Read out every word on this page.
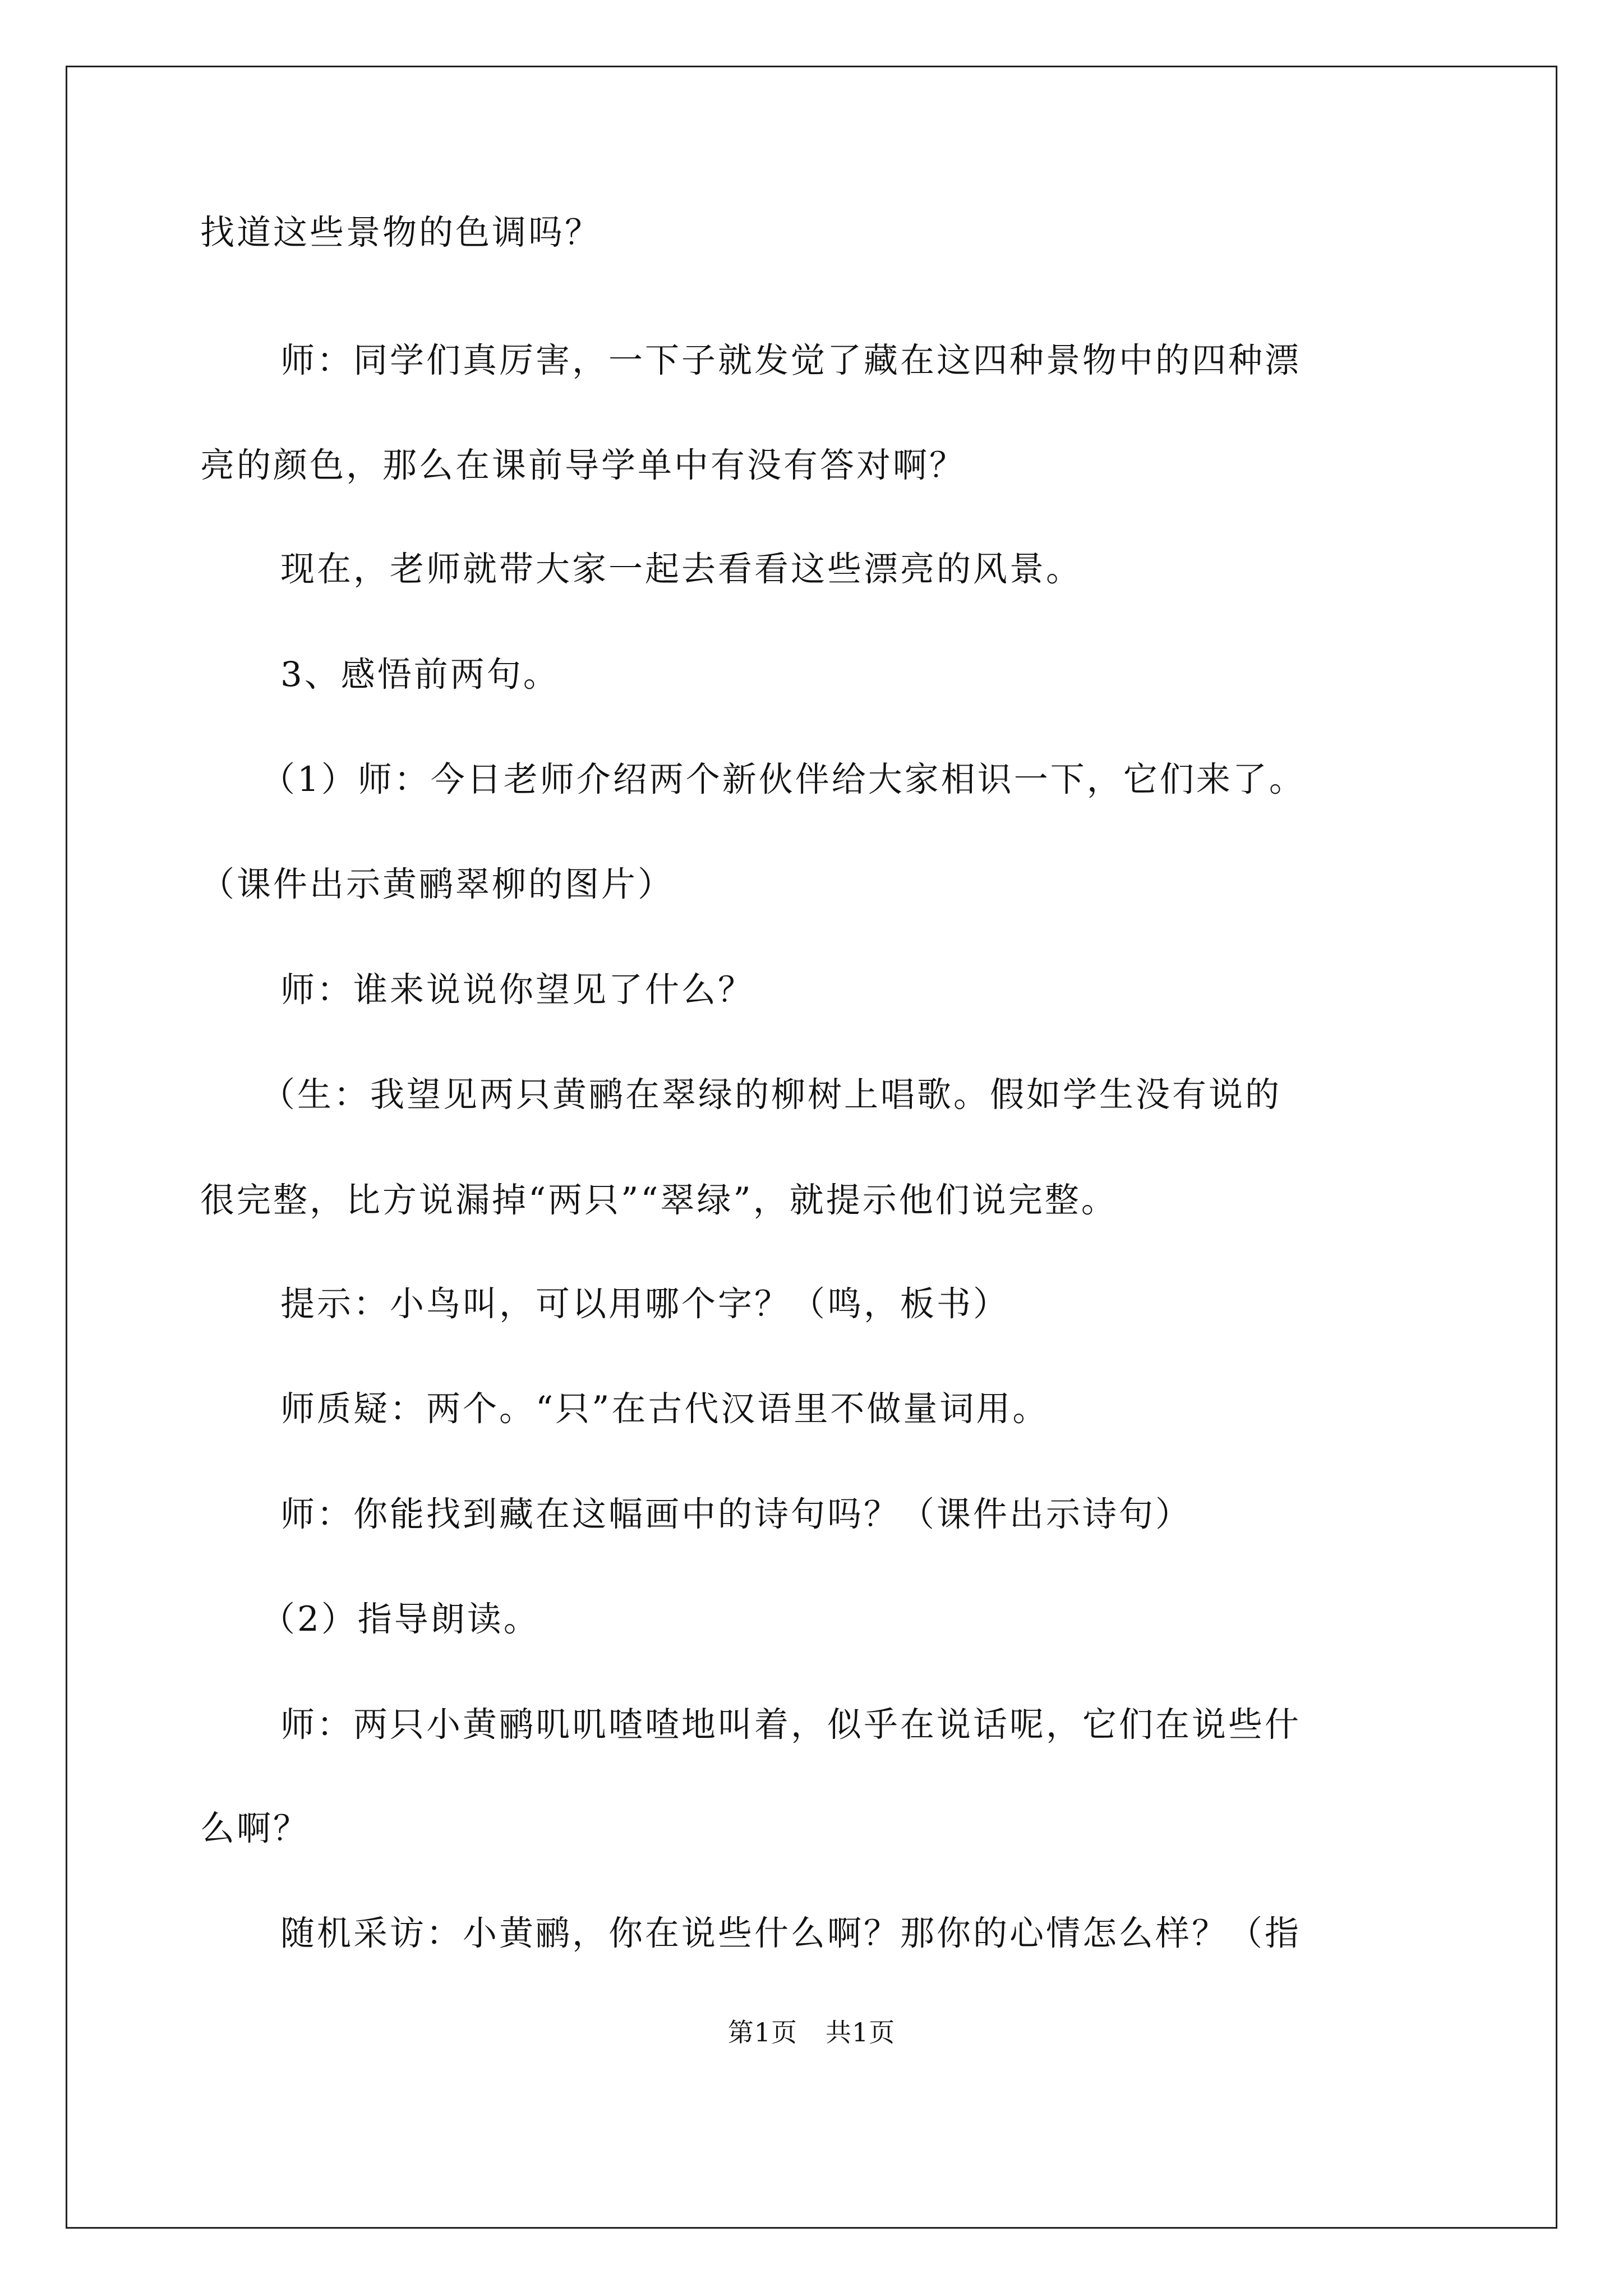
找道这些景物的色调吗？
师：同学们真厉害，一下子就发觉了藏在这四种景物中的四种漂
亮的颜色，那么在课前导学单中有没有答对啊？
现在，老师就带大家一起去看看这些漂亮的风景。
3、感悟前两句。
（1）师：今日老师介绍两个新伙伴给大家相识一下，它们来了。
（课件出示黄鹂翠柳的图片）
师：谁来说说你望见了什么？
（生：我望见两只黄鹂在翠绿的柳树上唱歌。假如学生没有说的
很完整，比方说漏掉“两只”“翠绿”，就提示他们说完整。
提示：小鸟叫，可以用哪个字？（鸣，板书）
师质疑：两个。“只”在古代汉语里不做量词用。
师：你能找到藏在这幅画中的诗句吗？（课件出示诗句）
（2）指导朗读。
师：两只小黄鹂叽叽喳喳地叫着，似乎在说话呢，它们在说些什
么啊？
随机采访：小黄鹂，你在说些什么啊？那你的心情怎么样？（指
第1页 共1页
